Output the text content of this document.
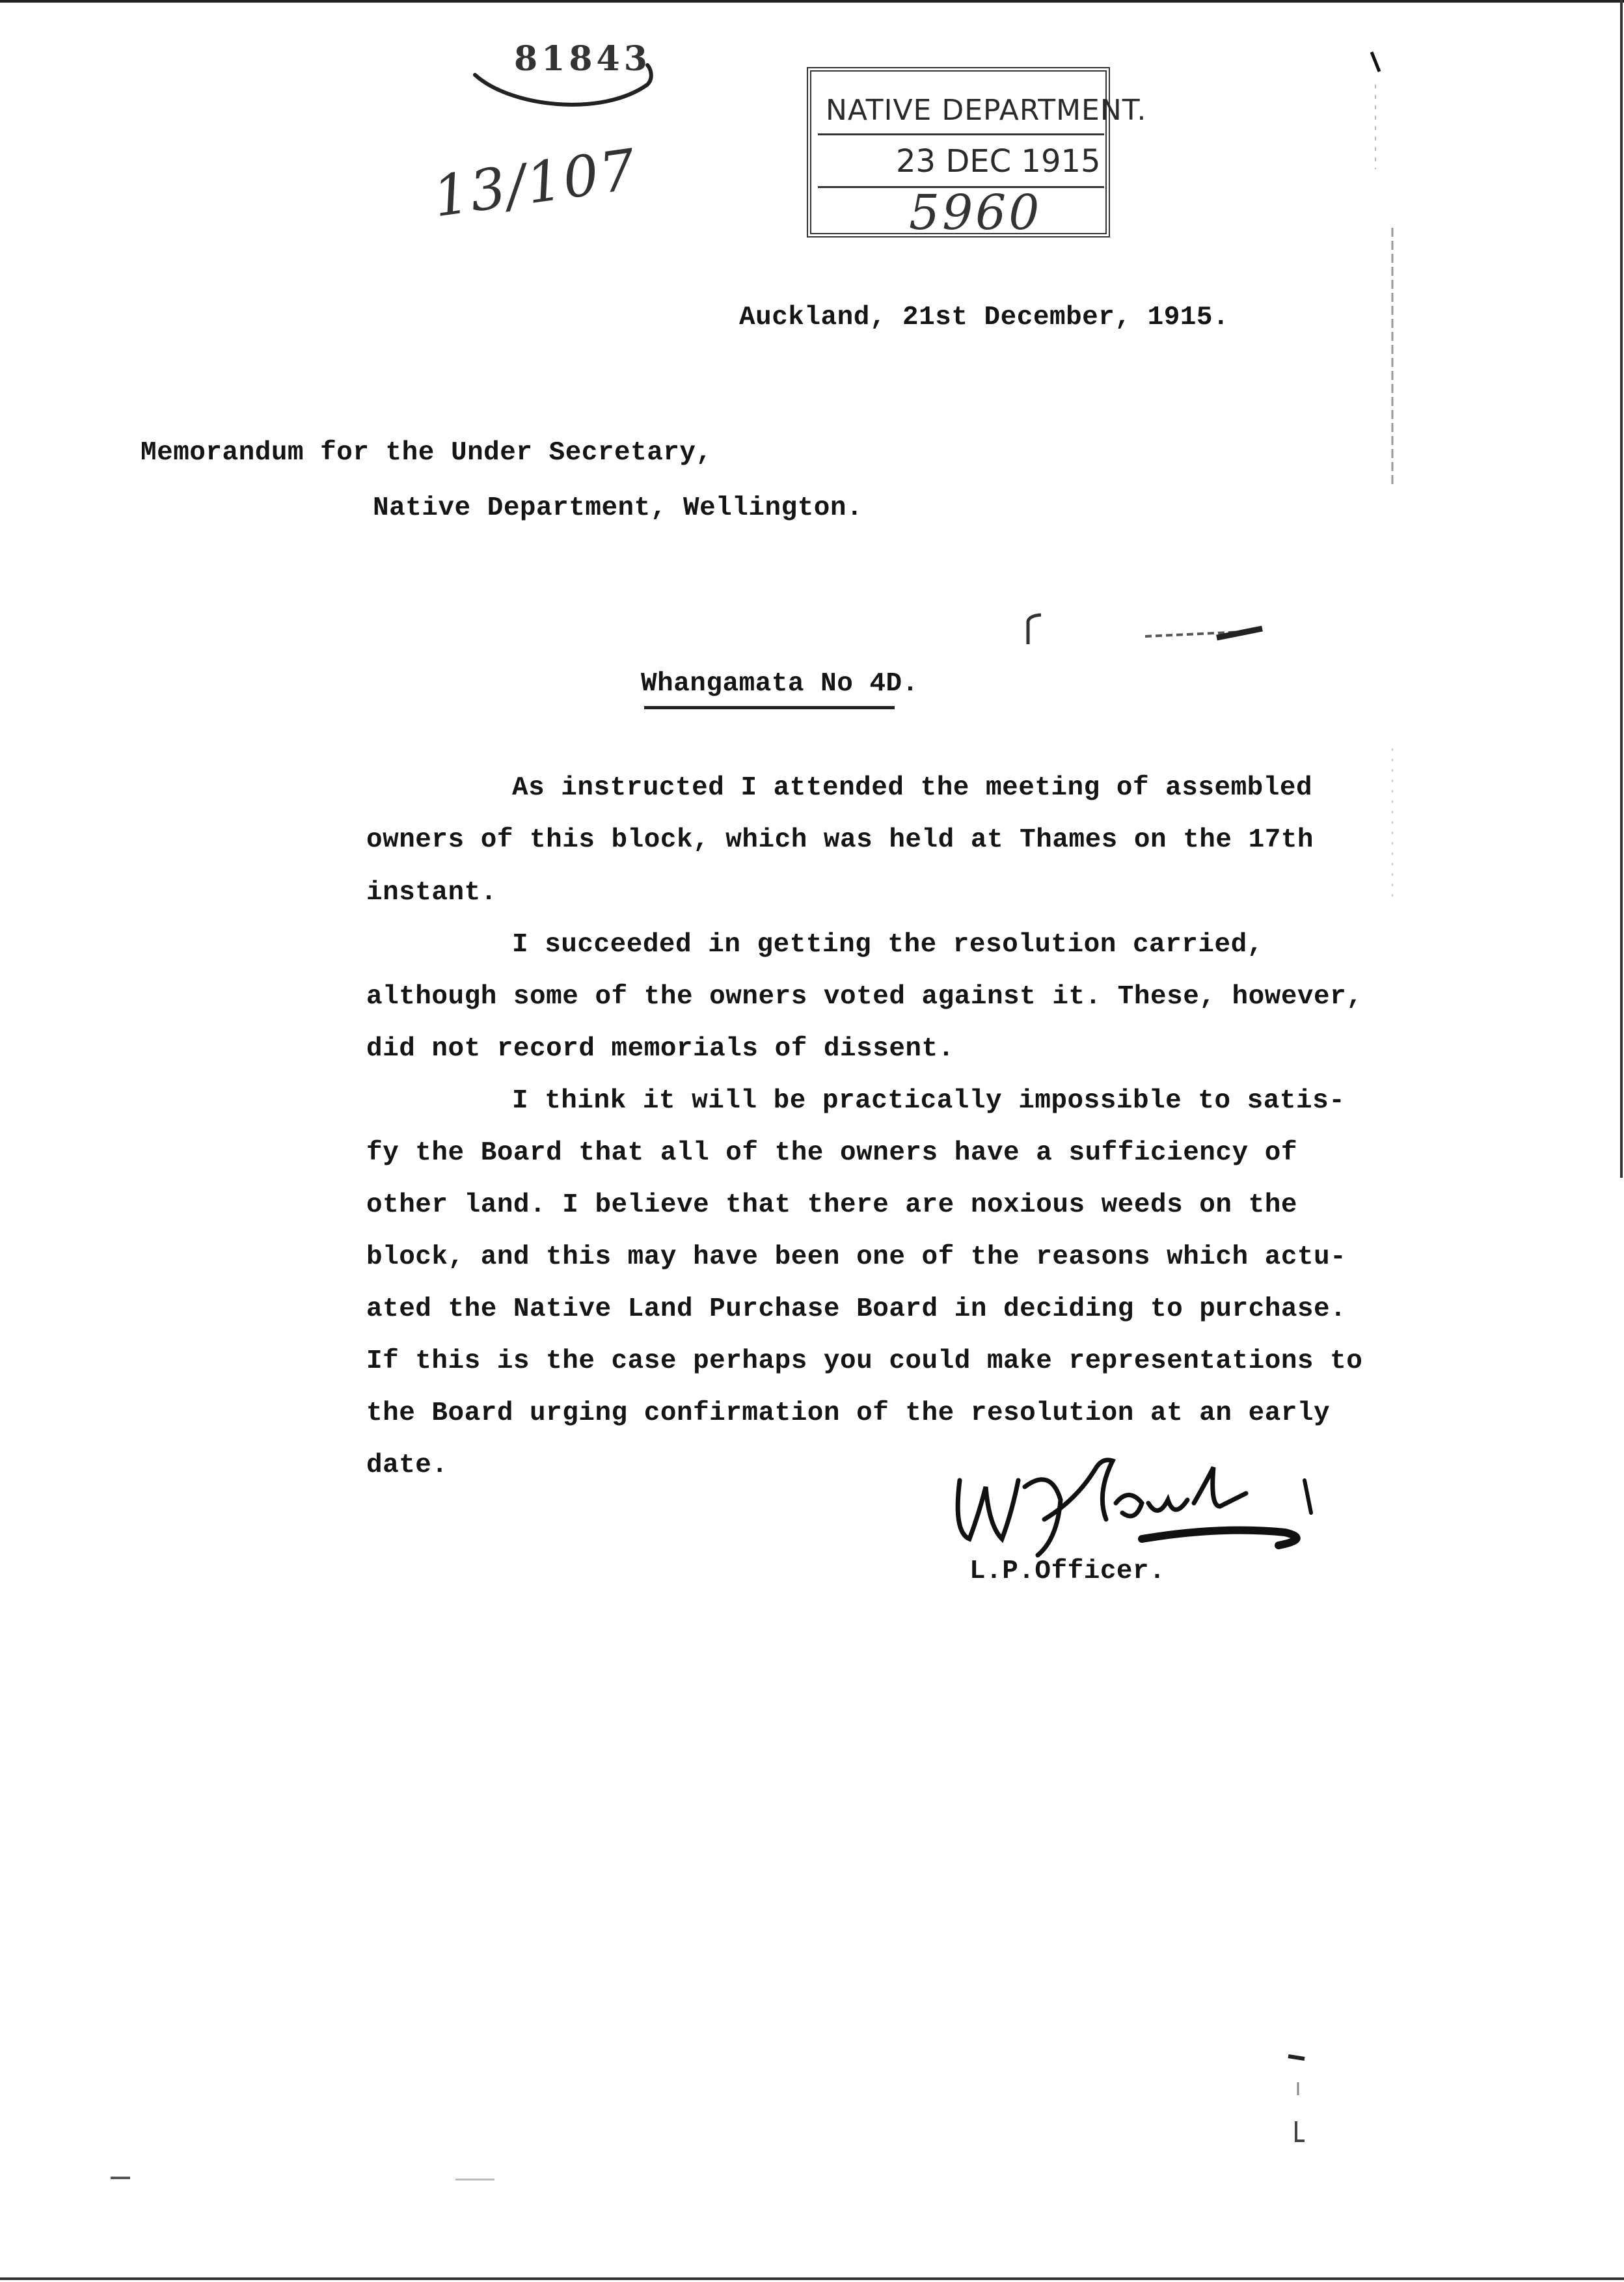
81843
13/107
NATIVE DEPARTMENT.
23 DEC 1915
5960
Auckland, 21st December, 1915.
Memorandum for the Under Secretary,
Native Department, Wellington.
Whangamata No 4D.
As instructed I attended the meeting of assembled
owners of this block, which was held at Thames on the 17th
instant.
I succeeded in getting the resolution carried,
although some of the owners voted against it. These, however,
did not record memorials of dissent.
I think it will be practically impossible to satis-
fy the Board that all of the owners have a sufficiency of
other land. I believe that there are noxious weeds on the
block, and this may have been one of the reasons which actu-
ated the Native Land Purchase Board in deciding to purchase.
If this is the case perhaps you could make representations to
the Board urging confirmation of the resolution at an early
date.
L.P.Officer.
